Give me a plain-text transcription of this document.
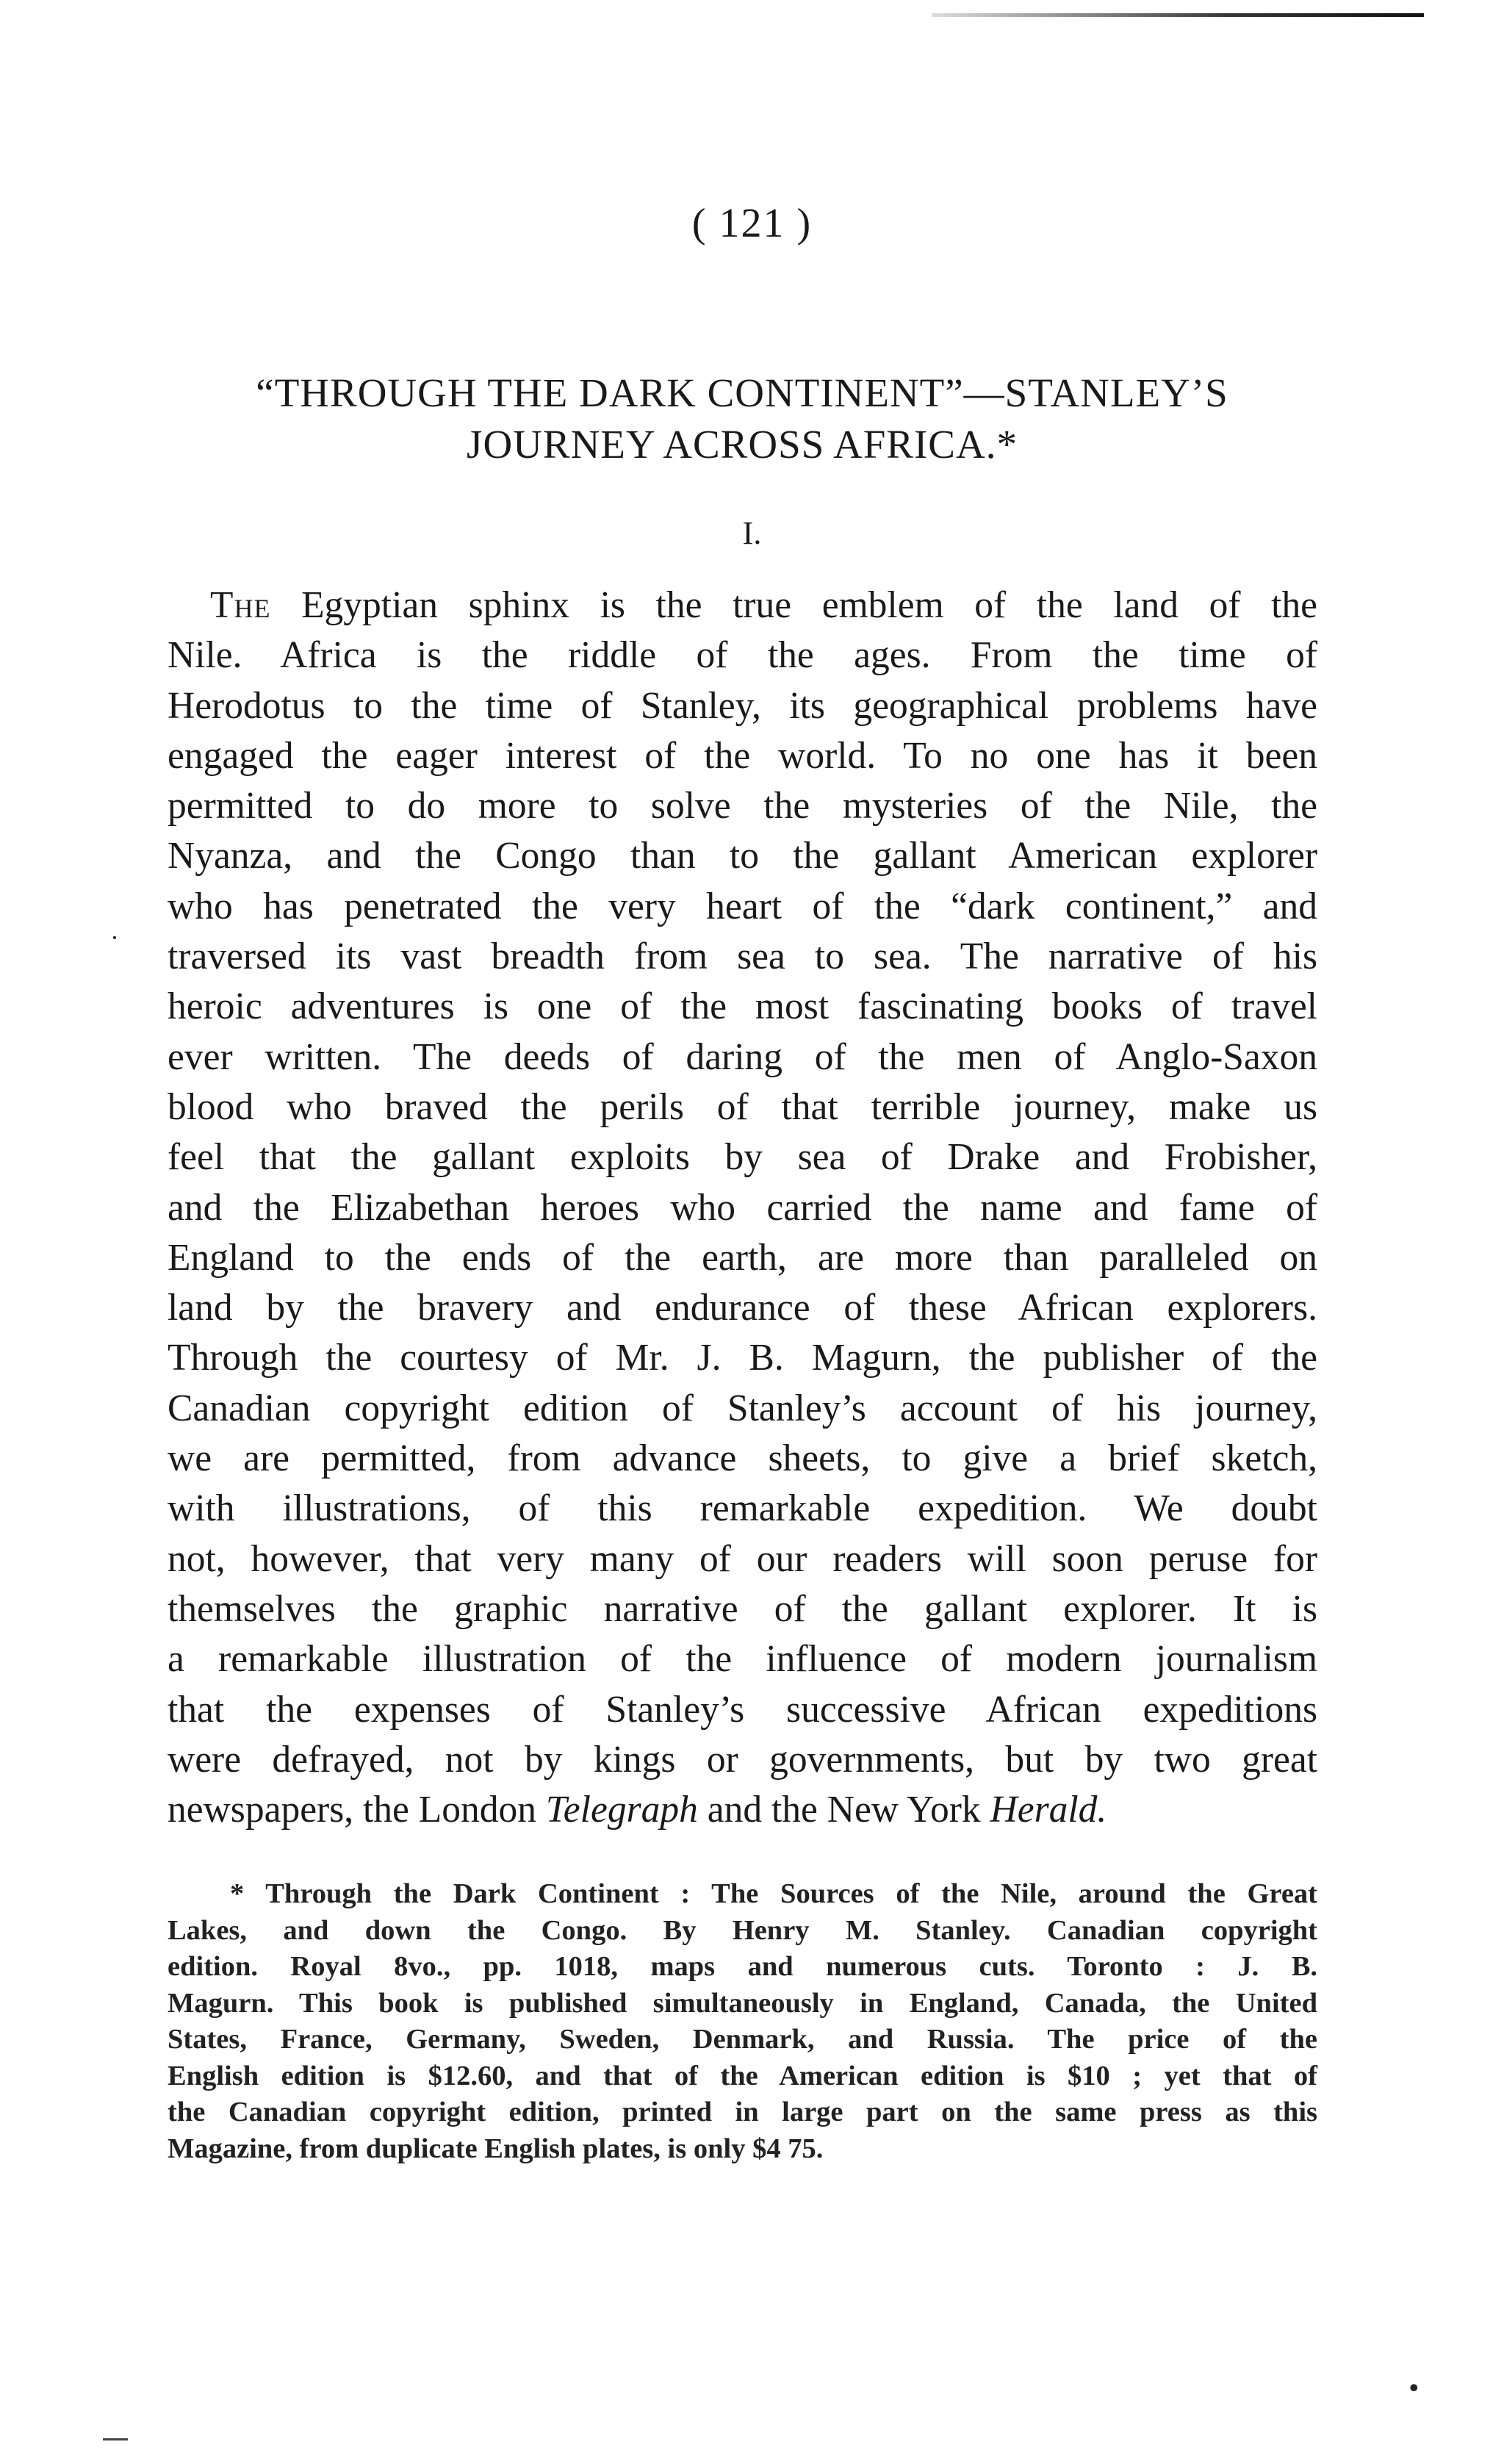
( 121 )
“THROUGH THE DARK CONTINENT”—STANLEY’S
JOURNEY ACROSS AFRICA.*
I.
The Egyptian sphinx is the true emblem of the land of the
Nile. Africa is the riddle of the ages. From the time of
Herodotus to the time of Stanley, its geographical problems have
engaged the eager interest of the world. To no one has it been
permitted to do more to solve the mysteries of the Nile, the
Nyanza, and the Congo than to the gallant American explorer
who has penetrated the very heart of the “dark continent,” and
traversed its vast breadth from sea to sea. The narrative of his
heroic adventures is one of the most fascinating books of travel
ever written. The deeds of daring of the men of Anglo-Saxon
blood who braved the perils of that terrible journey, make us
feel that the gallant exploits by sea of Drake and Frobisher,
and the Elizabethan heroes who carried the name and fame of
England to the ends of the earth, are more than paralleled on
land by the bravery and endurance of these African explorers.
Through the courtesy of Mr. J. B. Magurn, the publisher of the
Canadian copyright edition of Stanley’s account of his journey,
we are permitted, from advance sheets, to give a brief sketch,
with illustrations, of this remarkable expedition. We doubt
not, however, that very many of our readers will soon peruse for
themselves the graphic narrative of the gallant explorer. It is
a remarkable illustration of the influence of modern journalism
that the expenses of Stanley’s successive African expeditions
were defrayed, not by kings or governments, but by two great
newspapers, the London Telegraph and the New York Herald.
* Through the Dark Continent : The Sources of the Nile, around the Great
Lakes, and down the Congo. By Henry M. Stanley. Canadian copyright
edition. Royal 8vo., pp. 1018, maps and numerous cuts. Toronto : J. B.
Magurn. This book is published simultaneously in England, Canada, the United
States, France, Germany, Sweden, Denmark, and Russia. The price of the
English edition is $12.60, and that of the American edition is $10 ; yet that of
the Canadian copyright edition, printed in large part on the same press as this
Magazine, from duplicate English plates, is only $4 75.
·
•
